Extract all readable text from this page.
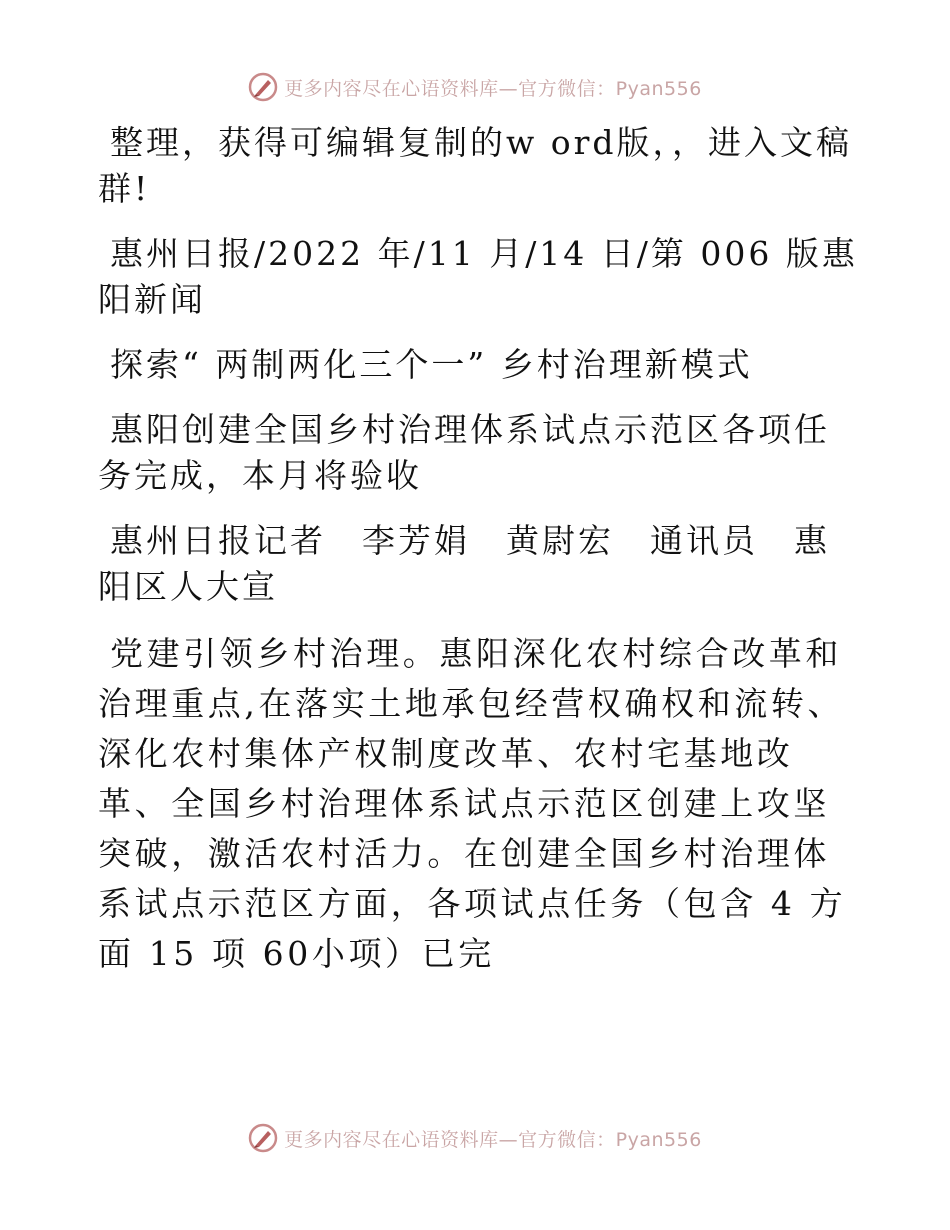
更多内容尽在心语资料库—官方微信：Pyan556

整理，获得可编辑复制的w ord版，，进入文稿群!

惠州日报/2022 年/11 月/14 日/第 006 版惠阳新闻

探索“ 两制两化三个一” 乡村治理新模式

惠阳创建全国乡村治理体系试点示范区各项任务完成，本月将验收

惠州日报记者　李芳娟　黄尉宏　通讯员　惠阳区人大宣

党建引领乡村治理。惠阳深化农村综合改革和治理重点,在落实土地承包经营权确权和流转、深化农村集体产权制度改革、农村宅基地改革、全国乡村治理体系试点示范区创建上攻坚突破，激活农村活力。在创建全国乡村治理体系试点示范区方面，各项试点任务（包含 4 方面 15 项 60小项）已完

更多内容尽在心语资料库—官方微信：Pyan556
